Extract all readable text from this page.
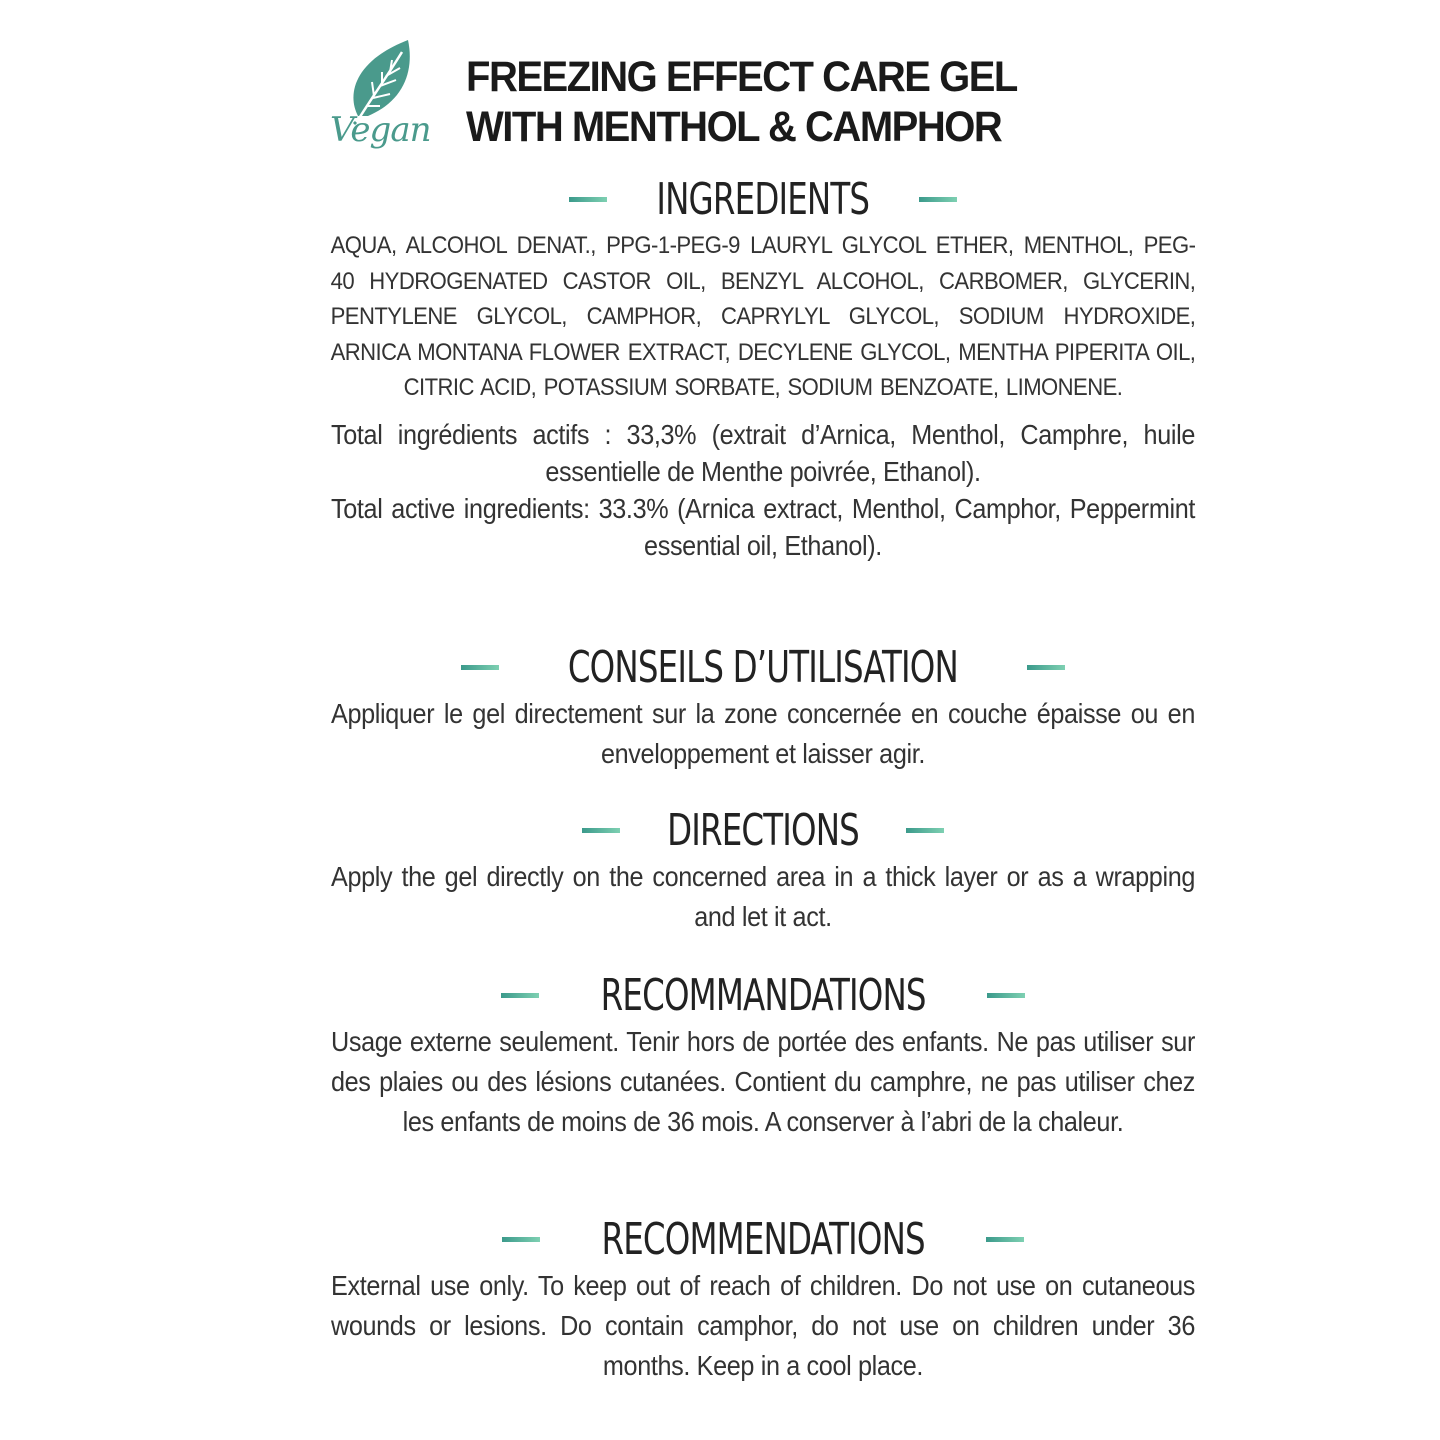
Vegan
FREEZING EFFECT CARE GEL
WITH MENTHOL & CAMPHOR
INGREDIENTS
AQUA, ALCOHOL DENAT., PPG-1-PEG-9 LAURYL GLYCOL ETHER, MENTHOL, PEG-40 HYDROGENATED CASTOR OIL, BENZYL ALCOHOL, CARBOMER, GLYCERIN, PENTYLENE GLYCOL, CAMPHOR, CAPRYLYL GLYCOL, SODIUM HYDROXIDE, ARNICA MONTANA FLOWER EXTRACT, DECYLENE GLYCOL, MENTHA PIPERITA OIL, CITRIC ACID, POTASSIUM SORBATE, SODIUM BENZOATE, LIMONENE.
Total ingrédients actifs : 33,3% (extrait d’Arnica, Menthol, Camphre, huile essentielle de Menthe poivrée, Ethanol).
Total active ingredients: 33.3% (Arnica extract, Menthol, Camphor, Peppermint essential oil, Ethanol).
CONSEILS D’UTILISATION
Appliquer le gel directement sur la zone concernée en couche épaisse ou en enveloppement et laisser agir.
DIRECTIONS
Apply the gel directly on the concerned area in a thick layer or as a wrapping and let it act.
RECOMMANDATIONS
Usage externe seulement. Tenir hors de portée des enfants. Ne pas utiliser sur des plaies ou des lésions cutanées. Contient du camphre, ne pas utiliser chez les enfants de moins de 36 mois. A conserver à l’abri de la chaleur.
RECOMMENDATIONS
External use only. To keep out of reach of children. Do not use on cutaneous wounds or lesions. Do contain camphor, do not use on children under 36 months. Keep in a cool place.
